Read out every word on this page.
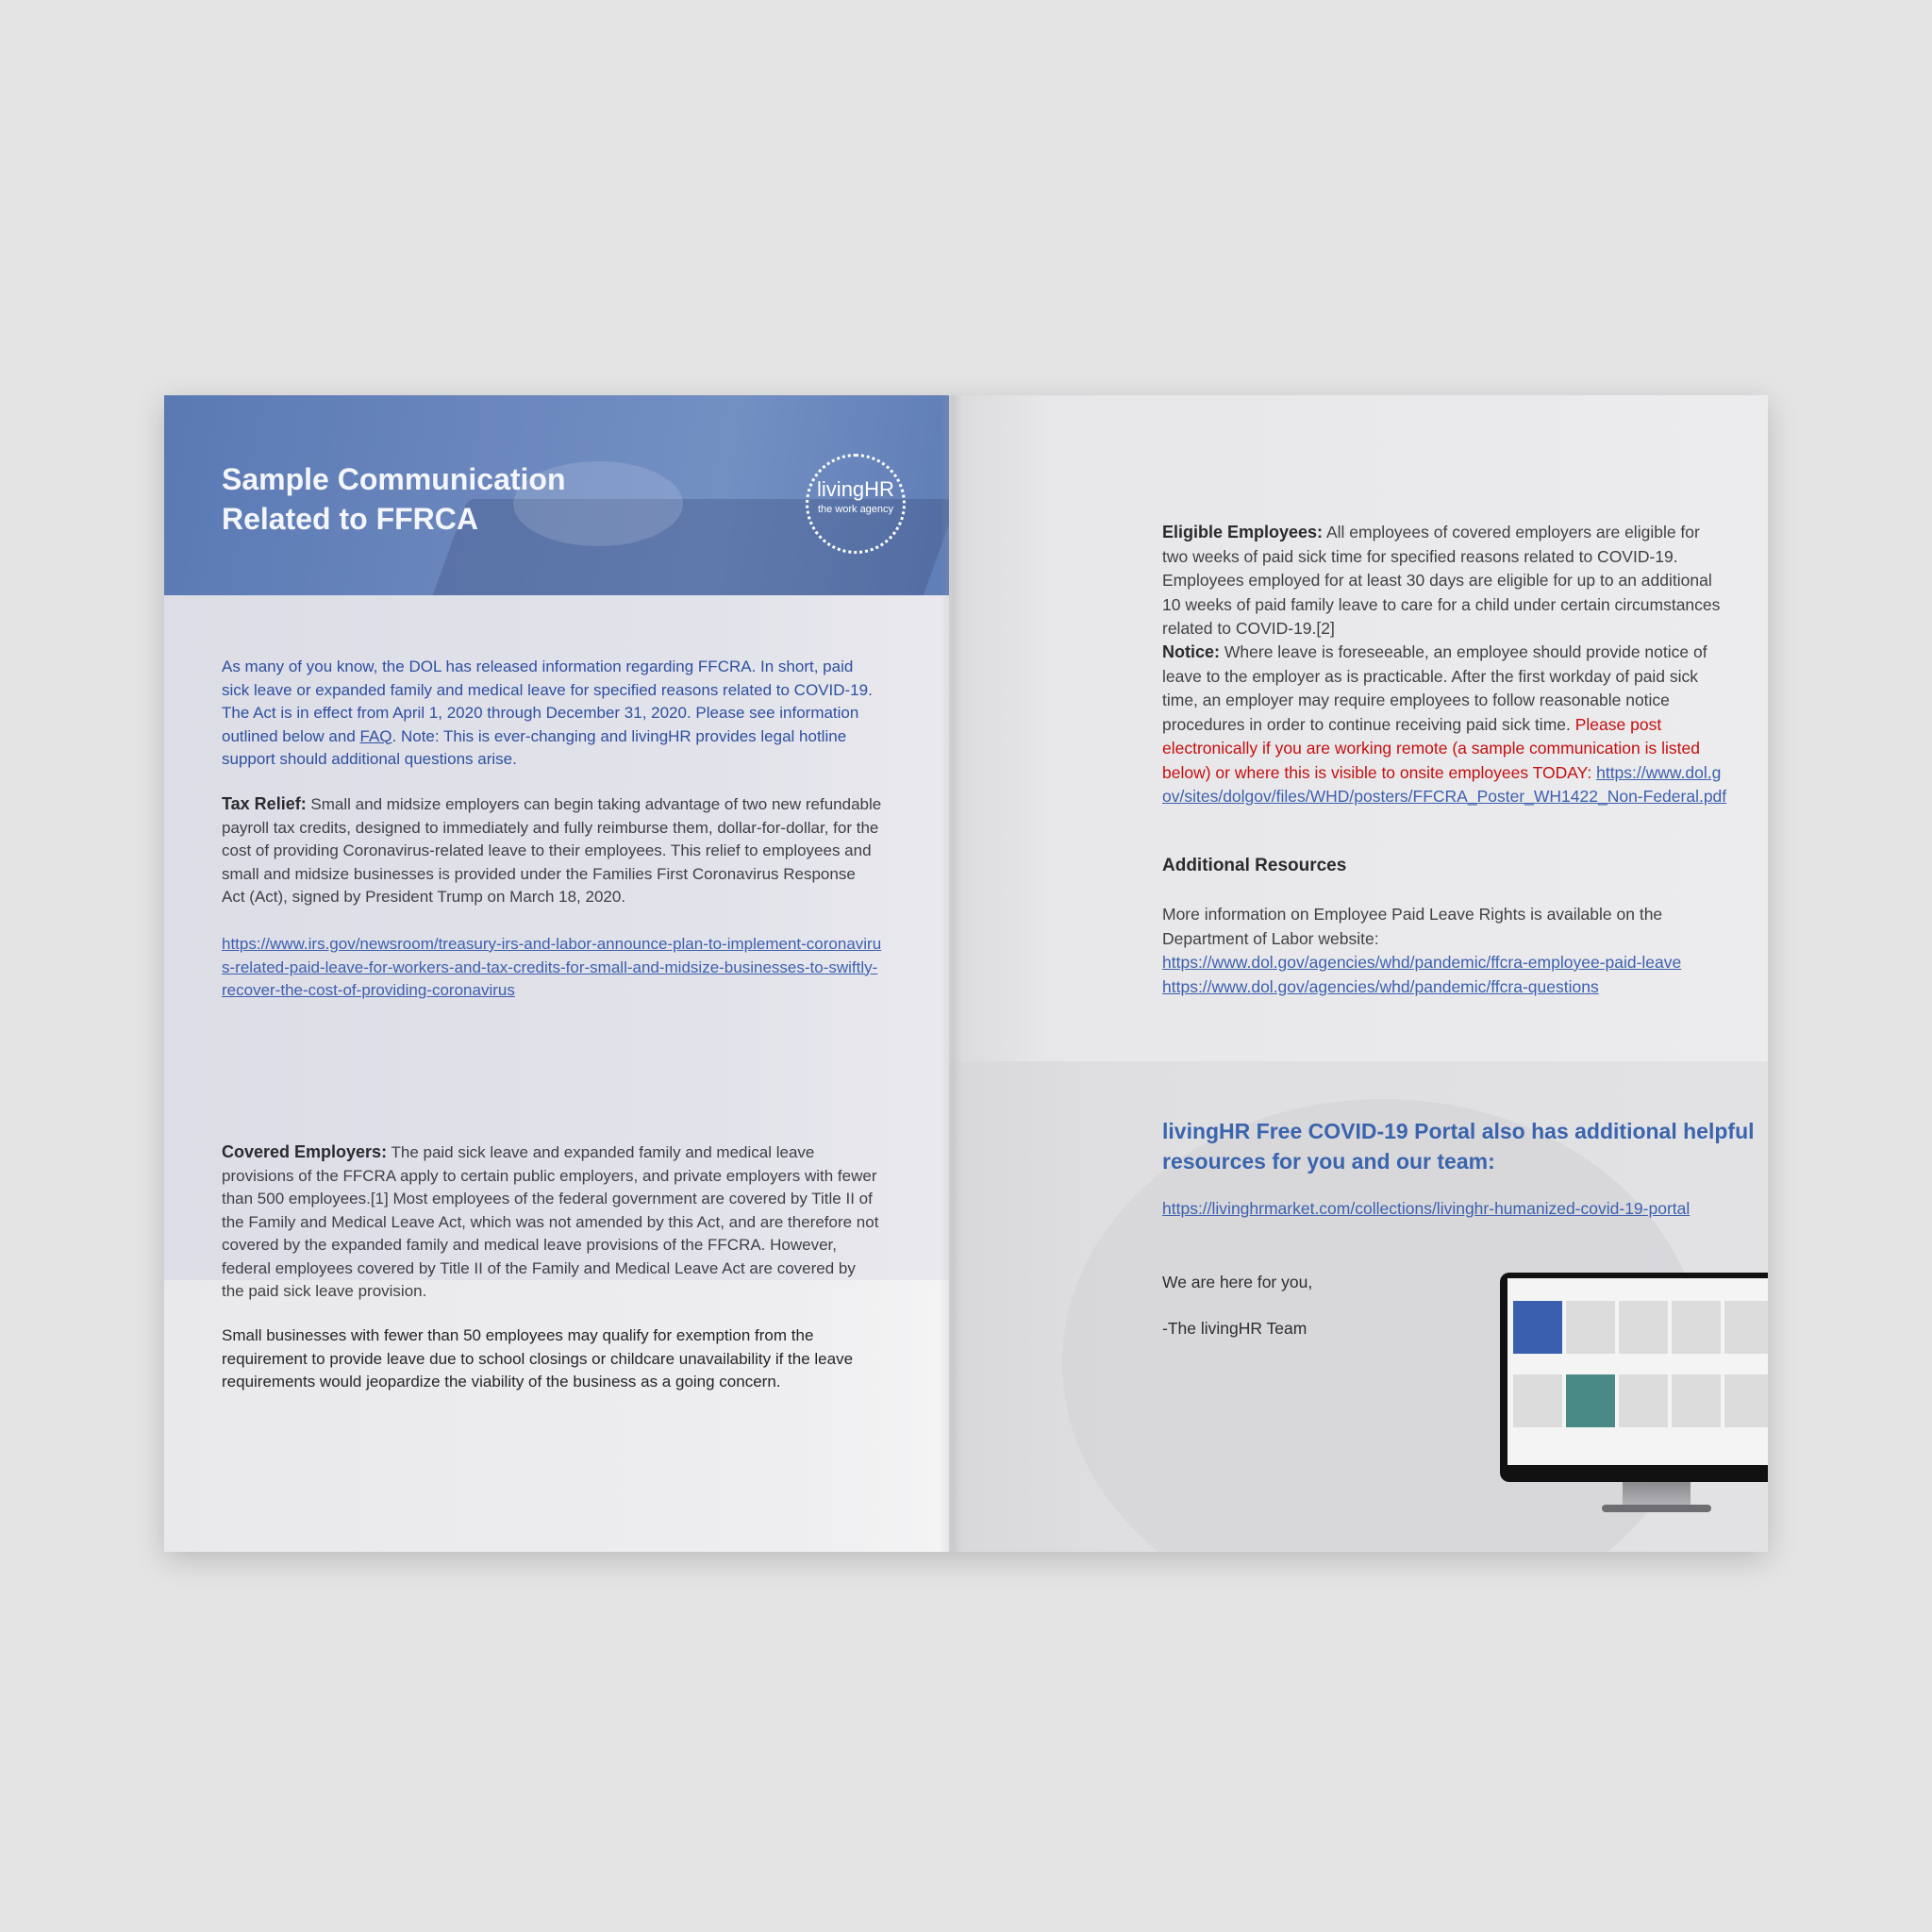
Sample Communication
Related to FFRCA
livingHR
the work agency
As many of you know, the DOL has released information regarding FFCRA. In short, paid sick leave or expanded family and medical leave for specified reasons related to COVID-19. The Act is in effect from April 1, 2020 through December 31, 2020. Please see information outlined below and FAQ. Note: This is ever-changing and livingHR provides legal hotline support should additional questions arise.
Tax Relief: Small and midsize employers can begin taking advantage of two new refundable payroll tax credits, designed to immediately and fully reimburse them, dollar-for-dollar, for the cost of providing Coronavirus-related leave to their employees. This relief to employees and small and midsize businesses is provided under the Families First Coronavirus Response Act (Act), signed by President Trump on March 18, 2020.
https://www.irs.gov/newsroom/treasury-irs-and-labor-announce-plan-to-implement-coronavirus-related-paid-leave-for-workers-and-tax-credits-for-small-and-midsize-businesses-to-swiftly-recover-the-cost-of-providing-coronavirus
Covered Employers: The paid sick leave and expanded family and medical leave provisions of the FFCRA apply to certain public employers, and private employers with fewer than 500 employees.[1] Most employees of the federal government are covered by Title II of the Family and Medical Leave Act, which was not amended by this Act, and are therefore not covered by the expanded family and medical leave provisions of the FFCRA. However, federal employees covered by Title II of the Family and Medical Leave Act are covered by the paid sick leave provision.
Small businesses with fewer than 50 employees may qualify for exemption from the requirement to provide leave due to school closings or childcare unavailability if the leave requirements would jeopardize the viability of the business as a going concern.
Eligible Employees: All employees of covered employers are eligible for two weeks of paid sick time for specified reasons related to COVID-19. Employees employed for at least 30 days are eligible for up to an additional 10 weeks of paid family leave to care for a child under certain circumstances related to COVID-19.[2]
Notice: Where leave is foreseeable, an employee should provide notice of leave to the employer as is practicable. After the first workday of paid sick time, an employer may require employees to follow reasonable notice procedures in order to continue receiving paid sick time. Please post electronically if you are working remote (a sample communication is listed below) or where this is visible to onsite employees TODAY: https://www.dol.gov/sites/dolgov/files/WHD/posters/FFCRA_Poster_WH1422_Non-Federal.pdf
Additional Resources
More information on Employee Paid Leave Rights is available on the Department of Labor website:
https://www.dol.gov/agencies/whd/pandemic/ffcra-employee-paid-leave
https://www.dol.gov/agencies/whd/pandemic/ffcra-questions
livingHR Free COVID-19 Portal also has additional helpful resources for you and our team:
https://livinghrmarket.com/collections/livinghr-humanized-covid-19-portal
We are here for you,
-The livingHR Team
